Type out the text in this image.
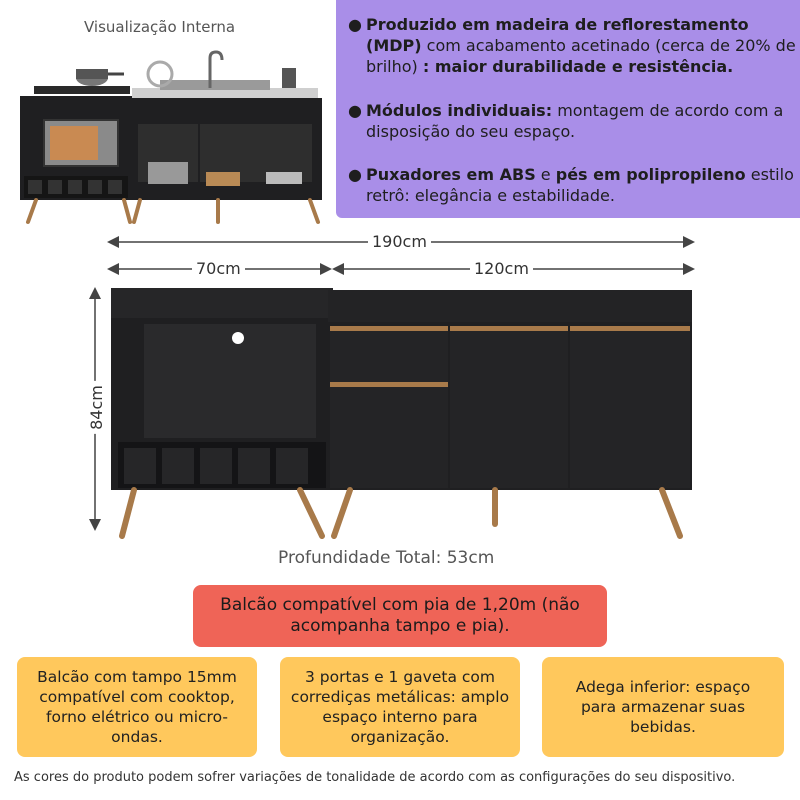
Visualização Interna	● Produzido em madeira de reflorestamento (MDP) com acabamento acetinado (cerca de 20% de brilho) : maior durabilidade e resistência.
● Módulos individuais: montagem de acordo com a disposição do seu espaço.
● Puxadores em ABS e pés em polipropileno estilo retrô: elegância e estabilidade.
190cm
70cm	120cm
84cm
Profundidade Total: 53cm
Balcão compatível com pia de 1,20m (não acompanha tampo e pia).
Balcão com tampo 15mm compatível com cooktop, forno elétrico ou micro-ondas.
3 portas e 1 gaveta com corrediças metálicas: amplo espaço interno para organização.
Adega inferior: espaço para armazenar suas bebidas.
As cores do produto podem sofrer variações de tonalidade de acordo com as configurações do seu dispositivo.
